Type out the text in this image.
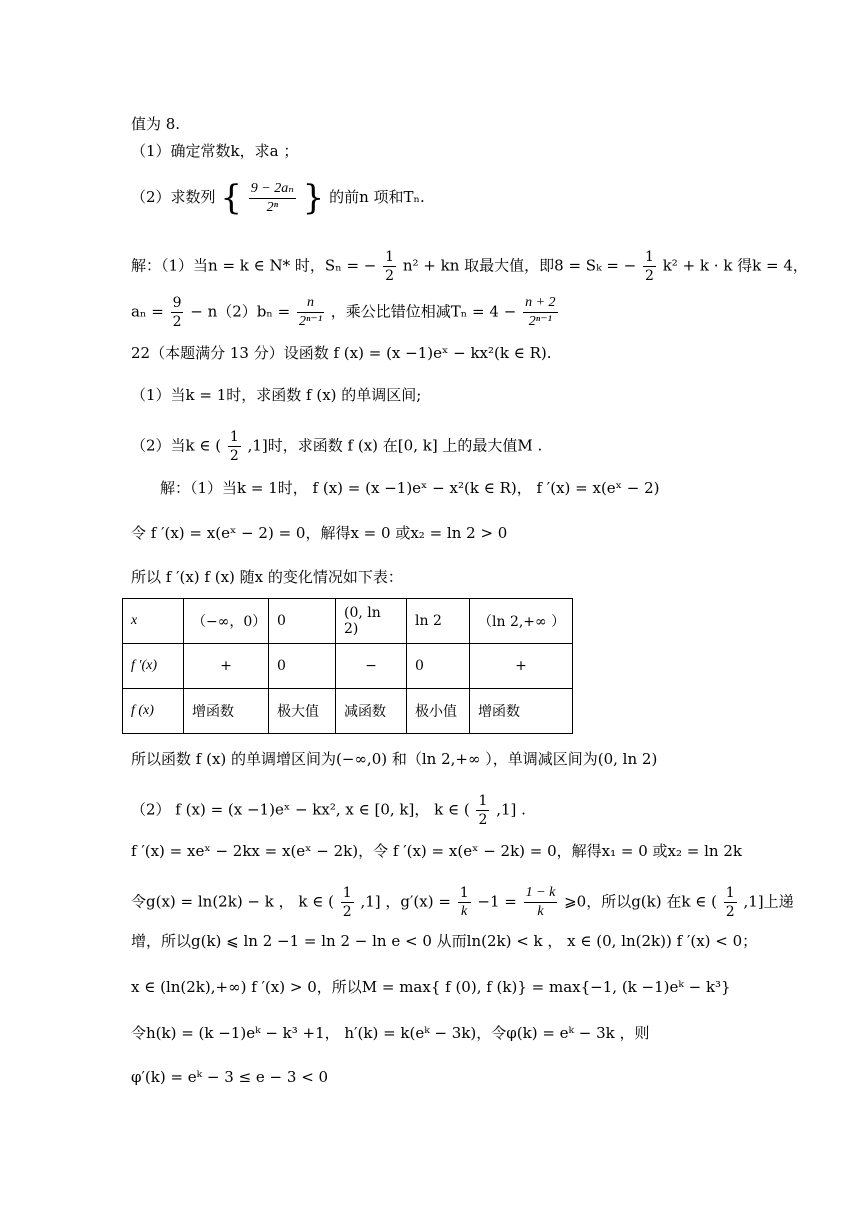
值为 8.
（1）确定常数k，求a ；
（2）求数列 { $\frac{\text{9 − 2aₙ}}{\text{2ⁿ}}$ } 的前n 项和Tₙ.
解：（1）当n = k ∈ N* 时，Sₙ = − $\frac{1}{2} n^2$ + kn 取最大值，即8 = Sₖ = − $\frac{1}{2} k^2 + k \cdot k$ 得k = 4，
$a_n = \frac{9}{2} - n(2)b_n = \frac{n}{\text{2ⁿ⁻¹}}$ ，乘公比错位相减$T_n = 4 - \frac{n + 2}{\text{2ⁿ⁻¹}}$
22（本题满分 13 分）设函数 f (x) = (x −1)eˣ − kx²(k ∈ R).
（1）当k = 1时，求函数 f (x) 的单调区间;
（2）当k ∈ ( $\frac{1}{2} ,1$]时，求函数 f (x) 在[0, k] 上的最大值M .
解：（1）当k = 1时， f (x) = (x −1)eˣ − x²(k ∈ R)， f ′(x) = x(eˣ − 2)
令 f ′(x) = x(eˣ − 2) = 0，解得x = 0 或x₂ = ln 2 > 0
所以 f ′(x) f (x) 随x 的变化情况如下表：
x	（−∞，0）	0	(0, ln 2)	ln 2	（ln 2,+∞ ）
f ′(x)	+	0	−	0	+
f (x)	增函数	极大值	减函数	极小值	增函数
所以函数 f (x) 的单调增区间为(−∞,0) 和（ln 2,+∞ ），单调减区间为(0, ln 2)
（2） f (x) = (x −1)eˣ − kx², x ∈ [0, k]， k ∈ ( $\frac{1}{2} ,1$] .
f ′(x) = xeˣ − 2kx = x(eˣ − 2k)，令 f ′(x) = x(eˣ − 2k) = 0，解得x₁ = 0 或x₂ = ln 2k
令g(x) = ln(2k) − k ， k ∈ ( $\frac{1}{2} ,1$] ，$g'(x) = \frac{1}{k} -1 = \frac{1 - k}{k}$ ⩾0，所以g(k) 在k ∈ ( $\frac{1}{2} ,1$]上递
增，所以g(k) ⩽ ln 2 −1 = ln 2 − ln e < 0 从而ln(2k) < k ， x ∈ (0, ln(2k)) f ′(x) < 0；
x ∈ (ln(2k),+∞) f ′(x) > 0，所以M = max{ f (0), f (k)} = max{−1, (k −1)eᵏ − k³}
令h(k) = (k −1)eᵏ − k³ +1， h′(k) = k(eᵏ − 3k)，令φ(k) = eᵏ − 3k ，则
φ′(k) = eᵏ − 3 ≤ e − 3 < 0
